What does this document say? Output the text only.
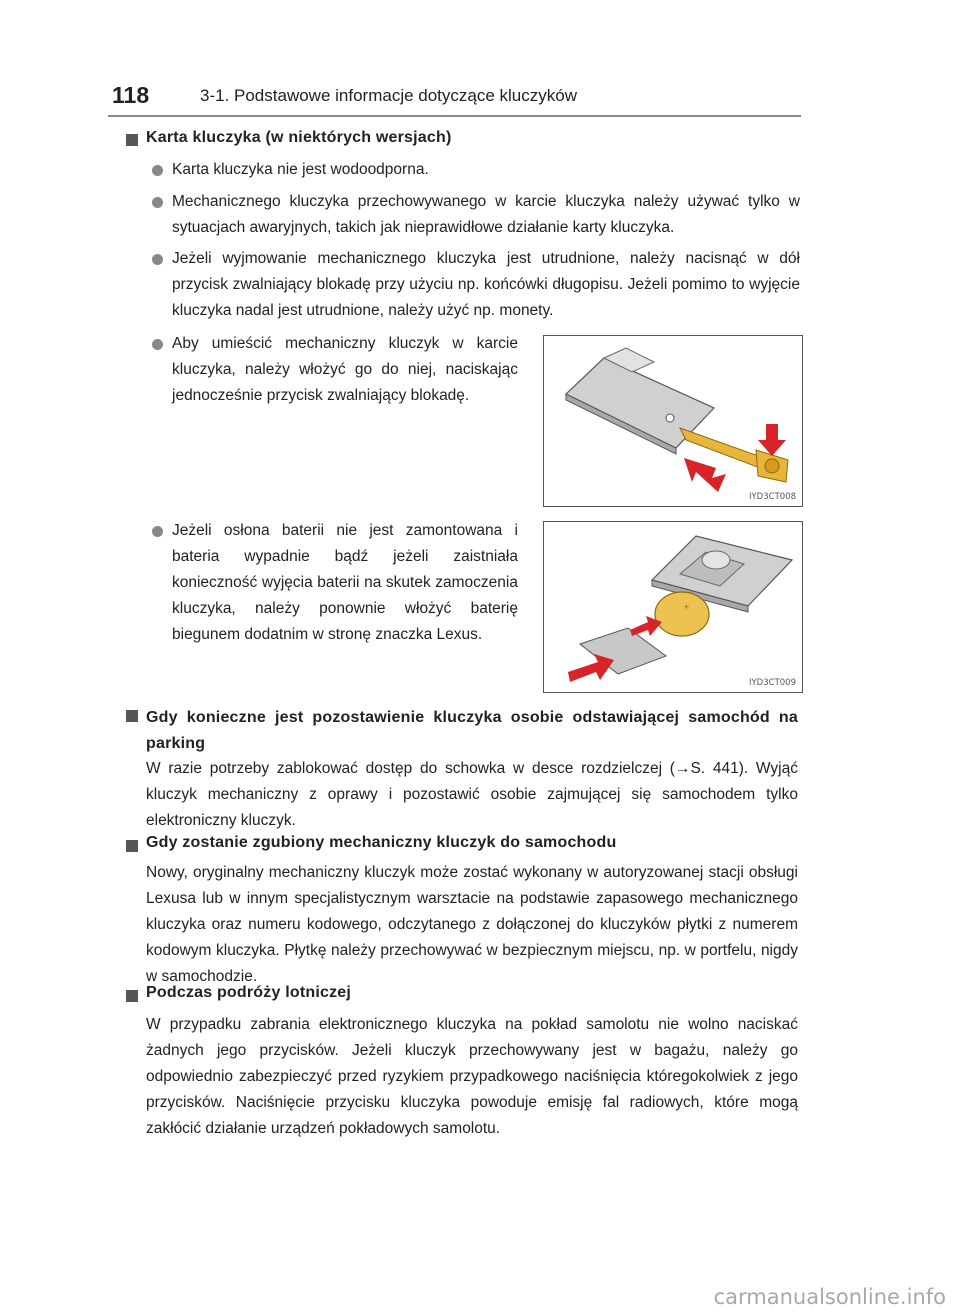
118	3-1. Podstawowe informacje dotyczące kluczyków
Karta kluczyka (w niektórych wersjach)
Karta kluczyka nie jest wodoodporna.
Mechanicznego kluczyka przechowywanego w karcie kluczyka należy używać tylko w sytuacjach awaryjnych, takich jak nieprawidłowe działanie karty kluczyka.
Jeżeli wyjmowanie mechanicznego kluczyka jest utrudnione, należy nacisnąć w dół przycisk zwalniający blokadę przy użyciu np. końcówki długopisu. Jeżeli pomimo to wyjęcie kluczyka nadal jest utrudnione, należy użyć np. monety.
Aby umieścić mechaniczny kluczyk w karcie kluczyka, należy włożyć go do niej, naciskając jednocześnie przycisk zwalniający blokadę.
IYD3CT008
Jeżeli osłona baterii nie jest zamontowana i bateria wypadnie bądź jeżeli zaistniała konieczność wyjęcia baterii na skutek zamoczenia kluczyka, należy ponownie włożyć baterię biegunem dodatnim w stronę znaczka Lexus.
+
IYD3CT009
Gdy konieczne jest pozostawienie kluczyka osobie odstawiającej samochód na parking
W razie potrzeby zablokować dostęp do schowka w desce rozdzielczej (→S. 441). Wyjąć kluczyk mechaniczny z oprawy i pozostawić osobie zajmującej się samochodem tylko elektroniczny kluczyk.
Gdy zostanie zgubiony mechaniczny kluczyk do samochodu
Nowy, oryginalny mechaniczny kluczyk może zostać wykonany w autoryzowanej stacji obsługi Lexusa lub w innym specjalistycznym warsztacie na podstawie zapasowego mechanicznego kluczyka oraz numeru kodowego, odczytanego z dołączonej do kluczyków płytki z numerem kodowym kluczyka. Płytkę należy przechowywać w bezpiecznym miejscu, np. w portfelu, nigdy w samochodzie.
Podczas podróży lotniczej
W przypadku zabrania elektronicznego kluczyka na pokład samolotu nie wolno naciskać żadnych jego przycisków. Jeżeli kluczyk przechowywany jest w bagażu, należy go odpowiednio zabezpieczyć przed ryzykiem przypadkowego naciśnięcia któregokolwiek z jego przycisków. Naciśnięcie przycisku kluczyka powoduje emisję fal radiowych, które mogą zakłócić działanie urządzeń pokładowych samolotu.
carmanualsonline.info
